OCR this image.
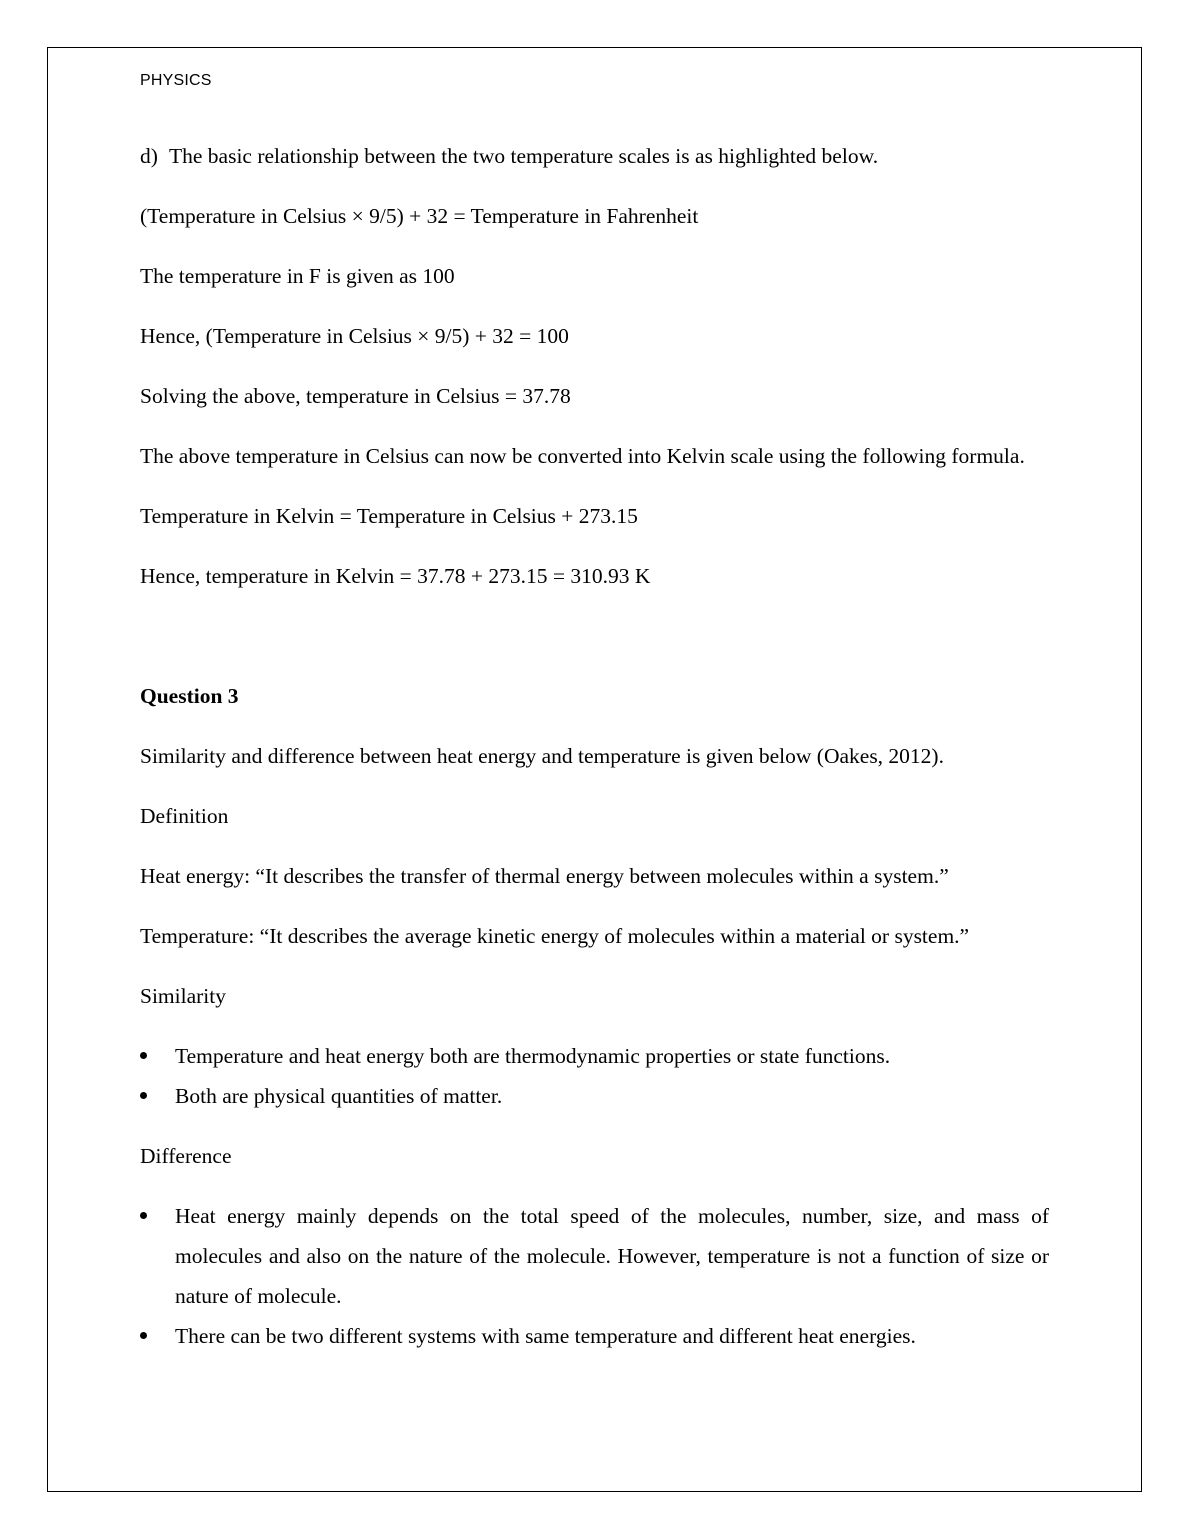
PHYSICS
d) The basic relationship between the two temperature scales is as highlighted below.

(Temperature in Celsius × 9/5) + 32 = Temperature in Fahrenheit

The temperature in F is given as 100

Hence, (Temperature in Celsius × 9/5) + 32 = 100

Solving the above, temperature in Celsius = 37.78

The above temperature in Celsius can now be converted into Kelvin scale using the following formula.

Temperature in Kelvin = Temperature in Celsius + 273.15

Hence, temperature in Kelvin = 37.78 + 273.15 = 310.93 K

Question 3

Similarity and difference between heat energy and temperature is given below (Oakes, 2012).

Definition

Heat energy: “It describes the transfer of thermal energy between molecules within a system.”

Temperature: “It describes the average kinetic energy of molecules within a material or system.”

Similarity

Temperature and heat energy both are thermodynamic properties or state functions.
Both are physical quantities of matter.

Difference

Heat energy mainly depends on the total speed of the molecules, number, size, and mass of molecules and also on the nature of the molecule. However, temperature is not a function of size or nature of molecule.
There can be two different systems with same temperature and different heat energies.
